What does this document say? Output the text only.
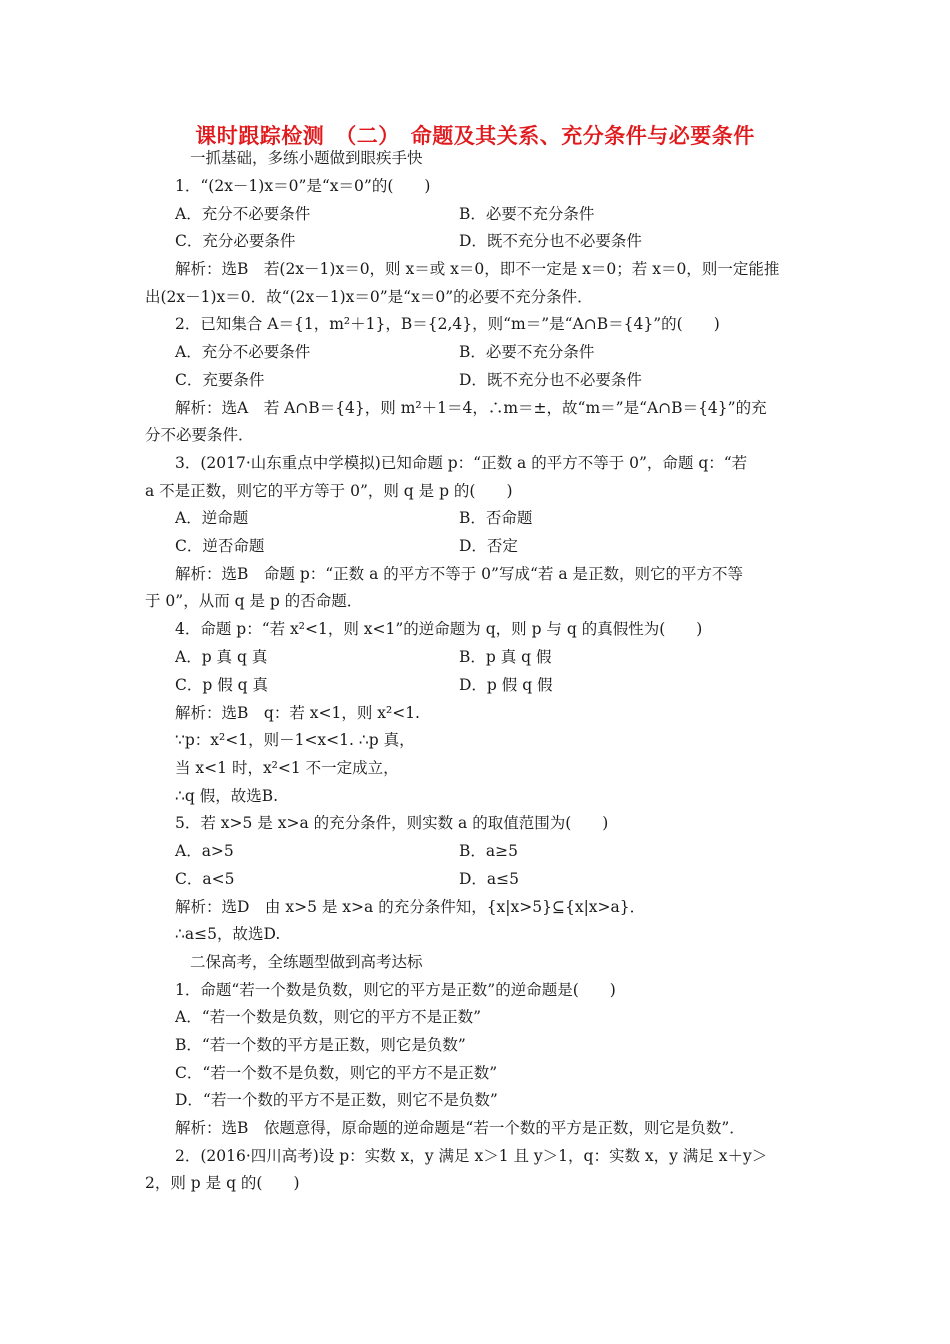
课时跟踪检测　（二）　命题及其关系、充分条件与必要条件
一抓基础，多练小题做到眼疾手快
1．“(2x－1)x＝0”是“x＝0”的(　　)
A．充分不必要条件	B．必要不充分条件
C．充分必要条件	D．既不充分也不必要条件
解析：选B　若(2x－1)x＝0，则 x＝或 x＝0，即不一定是 x＝0；若 x＝0，则一定能推
出(2x－1)x＝0．故“(2x－1)x＝0”是“x＝0”的必要不充分条件．
2．已知集合 A＝{1，m²＋1}，B＝{2,4}，则“m＝”是“A∩B＝{4}”的(　　)
A．充分不必要条件	B．必要不充分条件
C．充要条件	D．既不充分也不必要条件
解析：选A　若 A∩B＝{4}，则 m²＋1＝4，∴m＝±，故“m＝”是“A∩B＝{4}”的充
分不必要条件．
3．(2017·山东重点中学模拟)已知命题 p：“正数 a 的平方不等于 0”，命题 q：“若
a 不是正数，则它的平方等于 0”，则 q 是 p 的(　　)
A．逆命题	B．否命题
C．逆否命题	D．否定
解析：选B　命题 p：“正数 a 的平方不等于 0”写成“若 a 是正数，则它的平方不等
于 0”，从而 q 是 p 的否命题．
4．命题 p：“若 x²<1，则 x<1”的逆命题为 q，则 p 与 q 的真假性为(　　)
A．p 真 q 真	B．p 真 q 假
C．p 假 q 真	D．p 假 q 假
解析：选B　q：若 x<1，则 x²<1.
∵p：x²<1，则－1<x<1. ∴p 真，
当 x<1 时，x²<1 不一定成立，
∴q 假，故选B.
5．若 x>5 是 x>a 的充分条件，则实数 a 的取值范围为(　　)
A．a>5	B．a≥5
C．a<5	D．a≤5
解析：选D　由 x>5 是 x>a 的充分条件知，{x|x>5}⊆{x|x>a}．
∴a≤5，故选D.
二保高考，全练题型做到高考达标
1．命题“若一个数是负数，则它的平方是正数”的逆命题是(　　)
A．“若一个数是负数，则它的平方不是正数”
B．“若一个数的平方是正数，则它是负数”
C．“若一个数不是负数，则它的平方不是正数”
D．“若一个数的平方不是正数，则它不是负数”
解析：选B　依题意得，原命题的逆命题是“若一个数的平方是正数，则它是负数”．
2．(2016·四川高考)设 p：实数 x，y 满足 x＞1 且 y＞1，q：实数 x，y 满足 x＋y＞
2，则 p 是 q 的(　　)
